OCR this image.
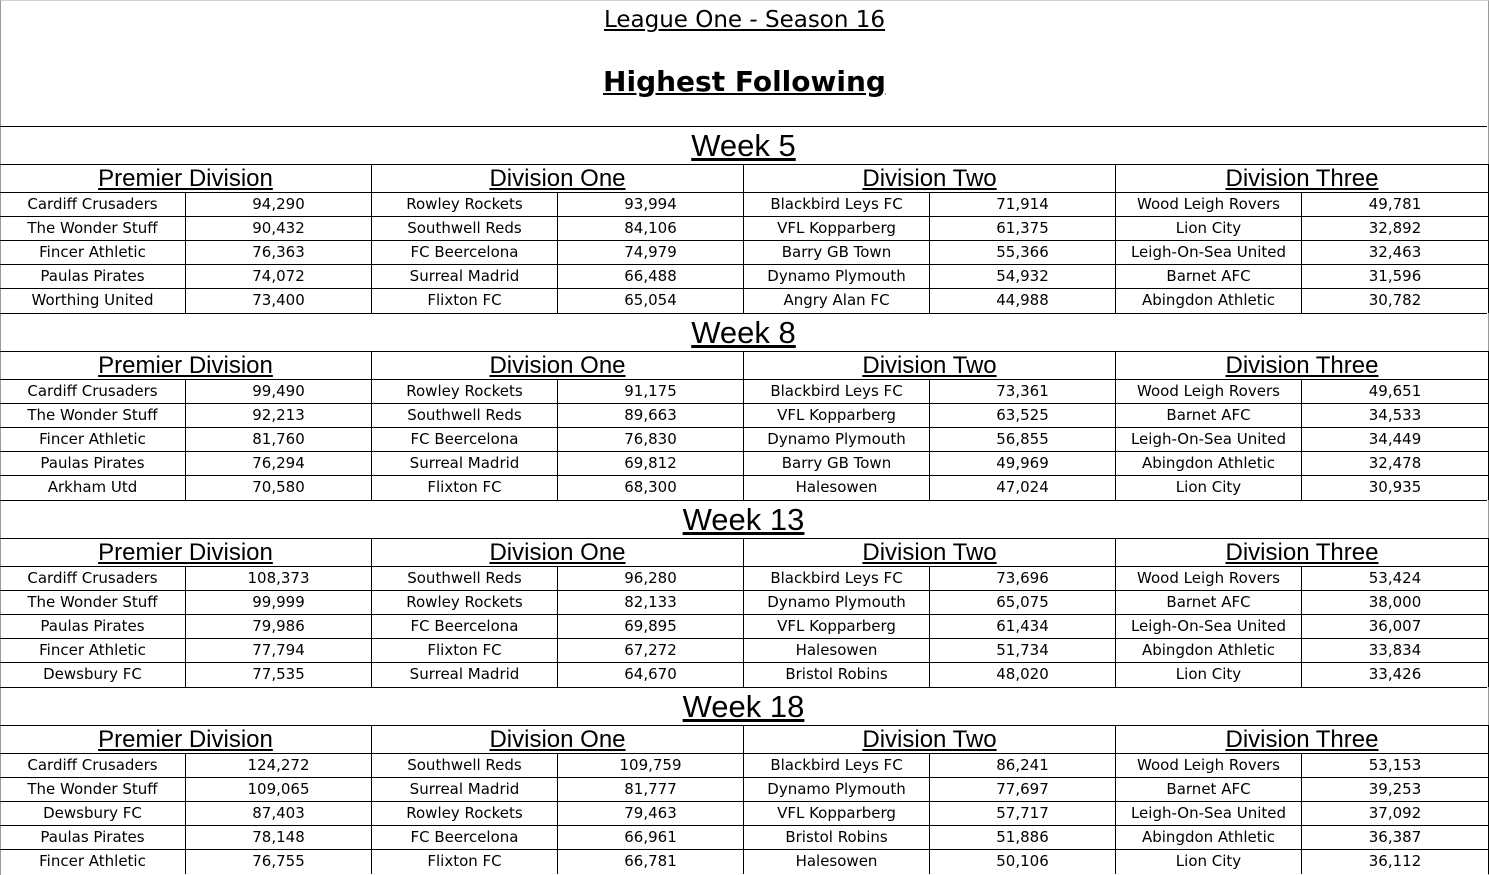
League One - Season 16
Highest Following
Week 5
Premier Division
Cardiff Crusaders	94,290
The Wonder Stuff	90,432
Fincer Athletic	76,363
Paulas Pirates	74,072
Worthing United	73,400
Division One
Rowley Rockets	93,994
Southwell Reds	84,106
FC Beercelona	74,979
Surreal Madrid	66,488
Flixton FC	65,054
Division Two
Blackbird Leys FC	71,914
VFL Kopparberg	61,375
Barry GB Town	55,366
Dynamo Plymouth	54,932
Angry Alan FC	44,988
Division Three
Wood Leigh Rovers	49,781
Lion City	32,892
Leigh-On-Sea United	32,463
Barnet AFC	31,596
Abingdon Athletic	30,782
Week 8
Premier Division
Cardiff Crusaders	99,490
The Wonder Stuff	92,213
Fincer Athletic	81,760
Paulas Pirates	76,294
Arkham Utd	70,580
Division One
Rowley Rockets	91,175
Southwell Reds	89,663
FC Beercelona	76,830
Surreal Madrid	69,812
Flixton FC	68,300
Division Two
Blackbird Leys FC	73,361
VFL Kopparberg	63,525
Dynamo Plymouth	56,855
Barry GB Town	49,969
Halesowen	47,024
Division Three
Wood Leigh Rovers	49,651
Barnet AFC	34,533
Leigh-On-Sea United	34,449
Abingdon Athletic	32,478
Lion City	30,935
Week 13
Premier Division
Cardiff Crusaders	108,373
The Wonder Stuff	99,999
Paulas Pirates	79,986
Fincer Athletic	77,794
Dewsbury FC	77,535
Division One
Southwell Reds	96,280
Rowley Rockets	82,133
FC Beercelona	69,895
Flixton FC	67,272
Surreal Madrid	64,670
Division Two
Blackbird Leys FC	73,696
Dynamo Plymouth	65,075
VFL Kopparberg	61,434
Halesowen	51,734
Bristol Robins	48,020
Division Three
Wood Leigh Rovers	53,424
Barnet AFC	38,000
Leigh-On-Sea United	36,007
Abingdon Athletic	33,834
Lion City	33,426
Week 18
Premier Division
Cardiff Crusaders	124,272
The Wonder Stuff	109,065
Dewsbury FC	87,403
Paulas Pirates	78,148
Fincer Athletic	76,755
Division One
Southwell Reds	109,759
Surreal Madrid	81,777
Rowley Rockets	79,463
FC Beercelona	66,961
Flixton FC	66,781
Division Two
Blackbird Leys FC	86,241
Dynamo Plymouth	77,697
VFL Kopparberg	57,717
Bristol Robins	51,886
Halesowen	50,106
Division Three
Wood Leigh Rovers	53,153
Barnet AFC	39,253
Leigh-On-Sea United	37,092
Abingdon Athletic	36,387
Lion City	36,112
